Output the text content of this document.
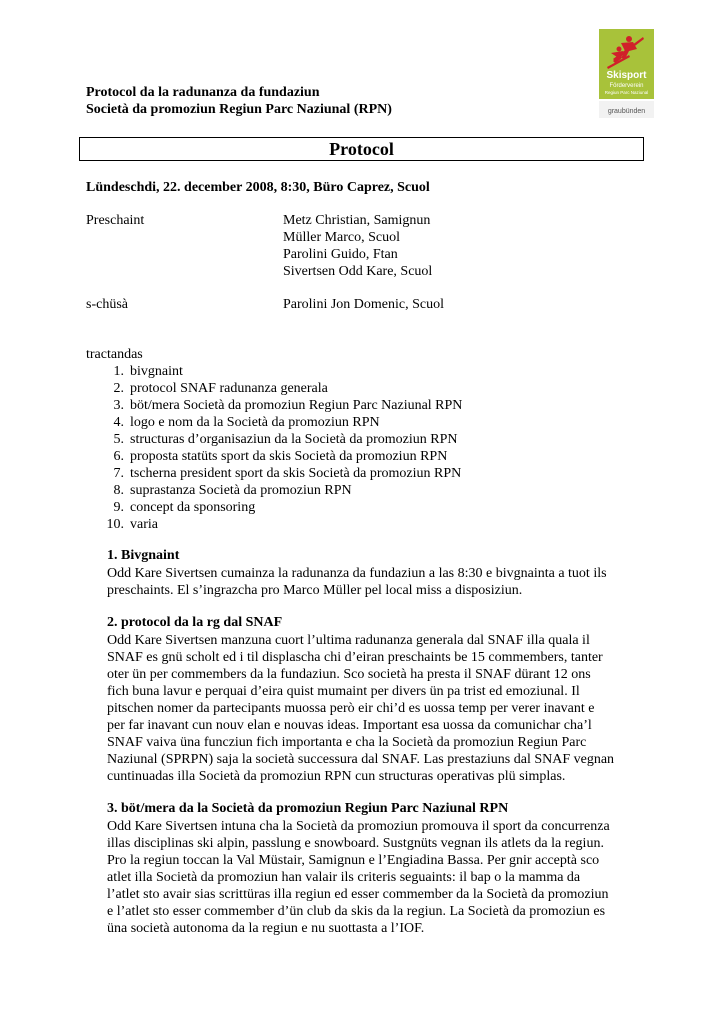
Protocol da la radunanza da fundaziun
Società da promoziun Regiun Parc Naziunal (RPN)
Skisport
Förderverein
Regiun Parc Naziunal
graubünden
Protocol
Lündeschdi, 22. december 2008, 8:30, Büro Caprez, Scuol
Preschaint	Metz Christian, Samignun
Müller Marco, Scuol
Parolini Guido, Ftan
Sivertsen Odd Kare, Scuol
s-chüsà	Parolini Jon Domenic, Scuol
tractandas
1. bivgnaint
2. protocol SNAF radunanza generala
3. böt/mera Società da promoziun Regiun Parc Naziunal RPN
4. logo e nom da la Società da promoziun RPN
5. structuras d’organisaziun da la Società da promoziun RPN
6. proposta statüts sport da skis Società da promoziun RPN
7. tscherna president sport da skis Società da promoziun RPN
8. suprastanza Società da promoziun RPN
9. concept da sponsoring
10. varia
1. Bivgnaint
Odd Kare Sivertsen cumainza la radunanza da fundaziun a las 8:30 e bivgnainta a tuot ils
preschaints. El s’ingrazcha pro Marco Müller pel local miss a disposiziun.
2. protocol da la rg dal SNAF
Odd Kare Sivertsen manzuna cuort l’ultima radunanza generala dal SNAF illa quala il
SNAF es gnü scholt ed i til displascha chi d’eiran preschaints be 15 commembers, tanter
oter ün per commembers da la fundaziun. Sco società ha presta il SNAF dürant 12 ons
fich buna lavur e perquai d’eira quist mumaint per divers ün pa trist ed emoziunal. Il
pitschen nomer da partecipants muossa però eir chi’d es uossa temp per verer inavant e
per far inavant cun nouv elan e nouvas ideas. Important esa uossa da comunichar cha’l
SNAF vaiva üna funcziun fich importanta e cha la Società da promoziun Regiun Parc
Naziunal (SPRPN) saja la società successura dal SNAF. Las prestaziuns dal SNAF vegnan
cuntinuadas illa Società da promoziun RPN cun structuras operativas plü simplas.
3. böt/mera da la Società da promoziun Regiun Parc Naziunal RPN
Odd Kare Sivertsen intuna cha la Società da promoziun promouva il sport da concurrenza
illas disciplinas ski alpin, passlung e snowboard. Sustgnüts vegnan ils atlets da la regiun.
Pro la regiun toccan la Val Müstair, Samignun e l’Engiadina Bassa. Per gnir acceptà sco
atlet illa Società da promoziun han valair ils criteris seguaints: il bap o la mamma da
l’atlet sto avair sias scrittüras illa regiun ed esser commember da la Società da promoziun
e l’atlet sto esser commember d’ün club da skis da la regiun. La Società da promoziun es
üna società autonoma da la regiun e nu suottasta a l’IOF.
